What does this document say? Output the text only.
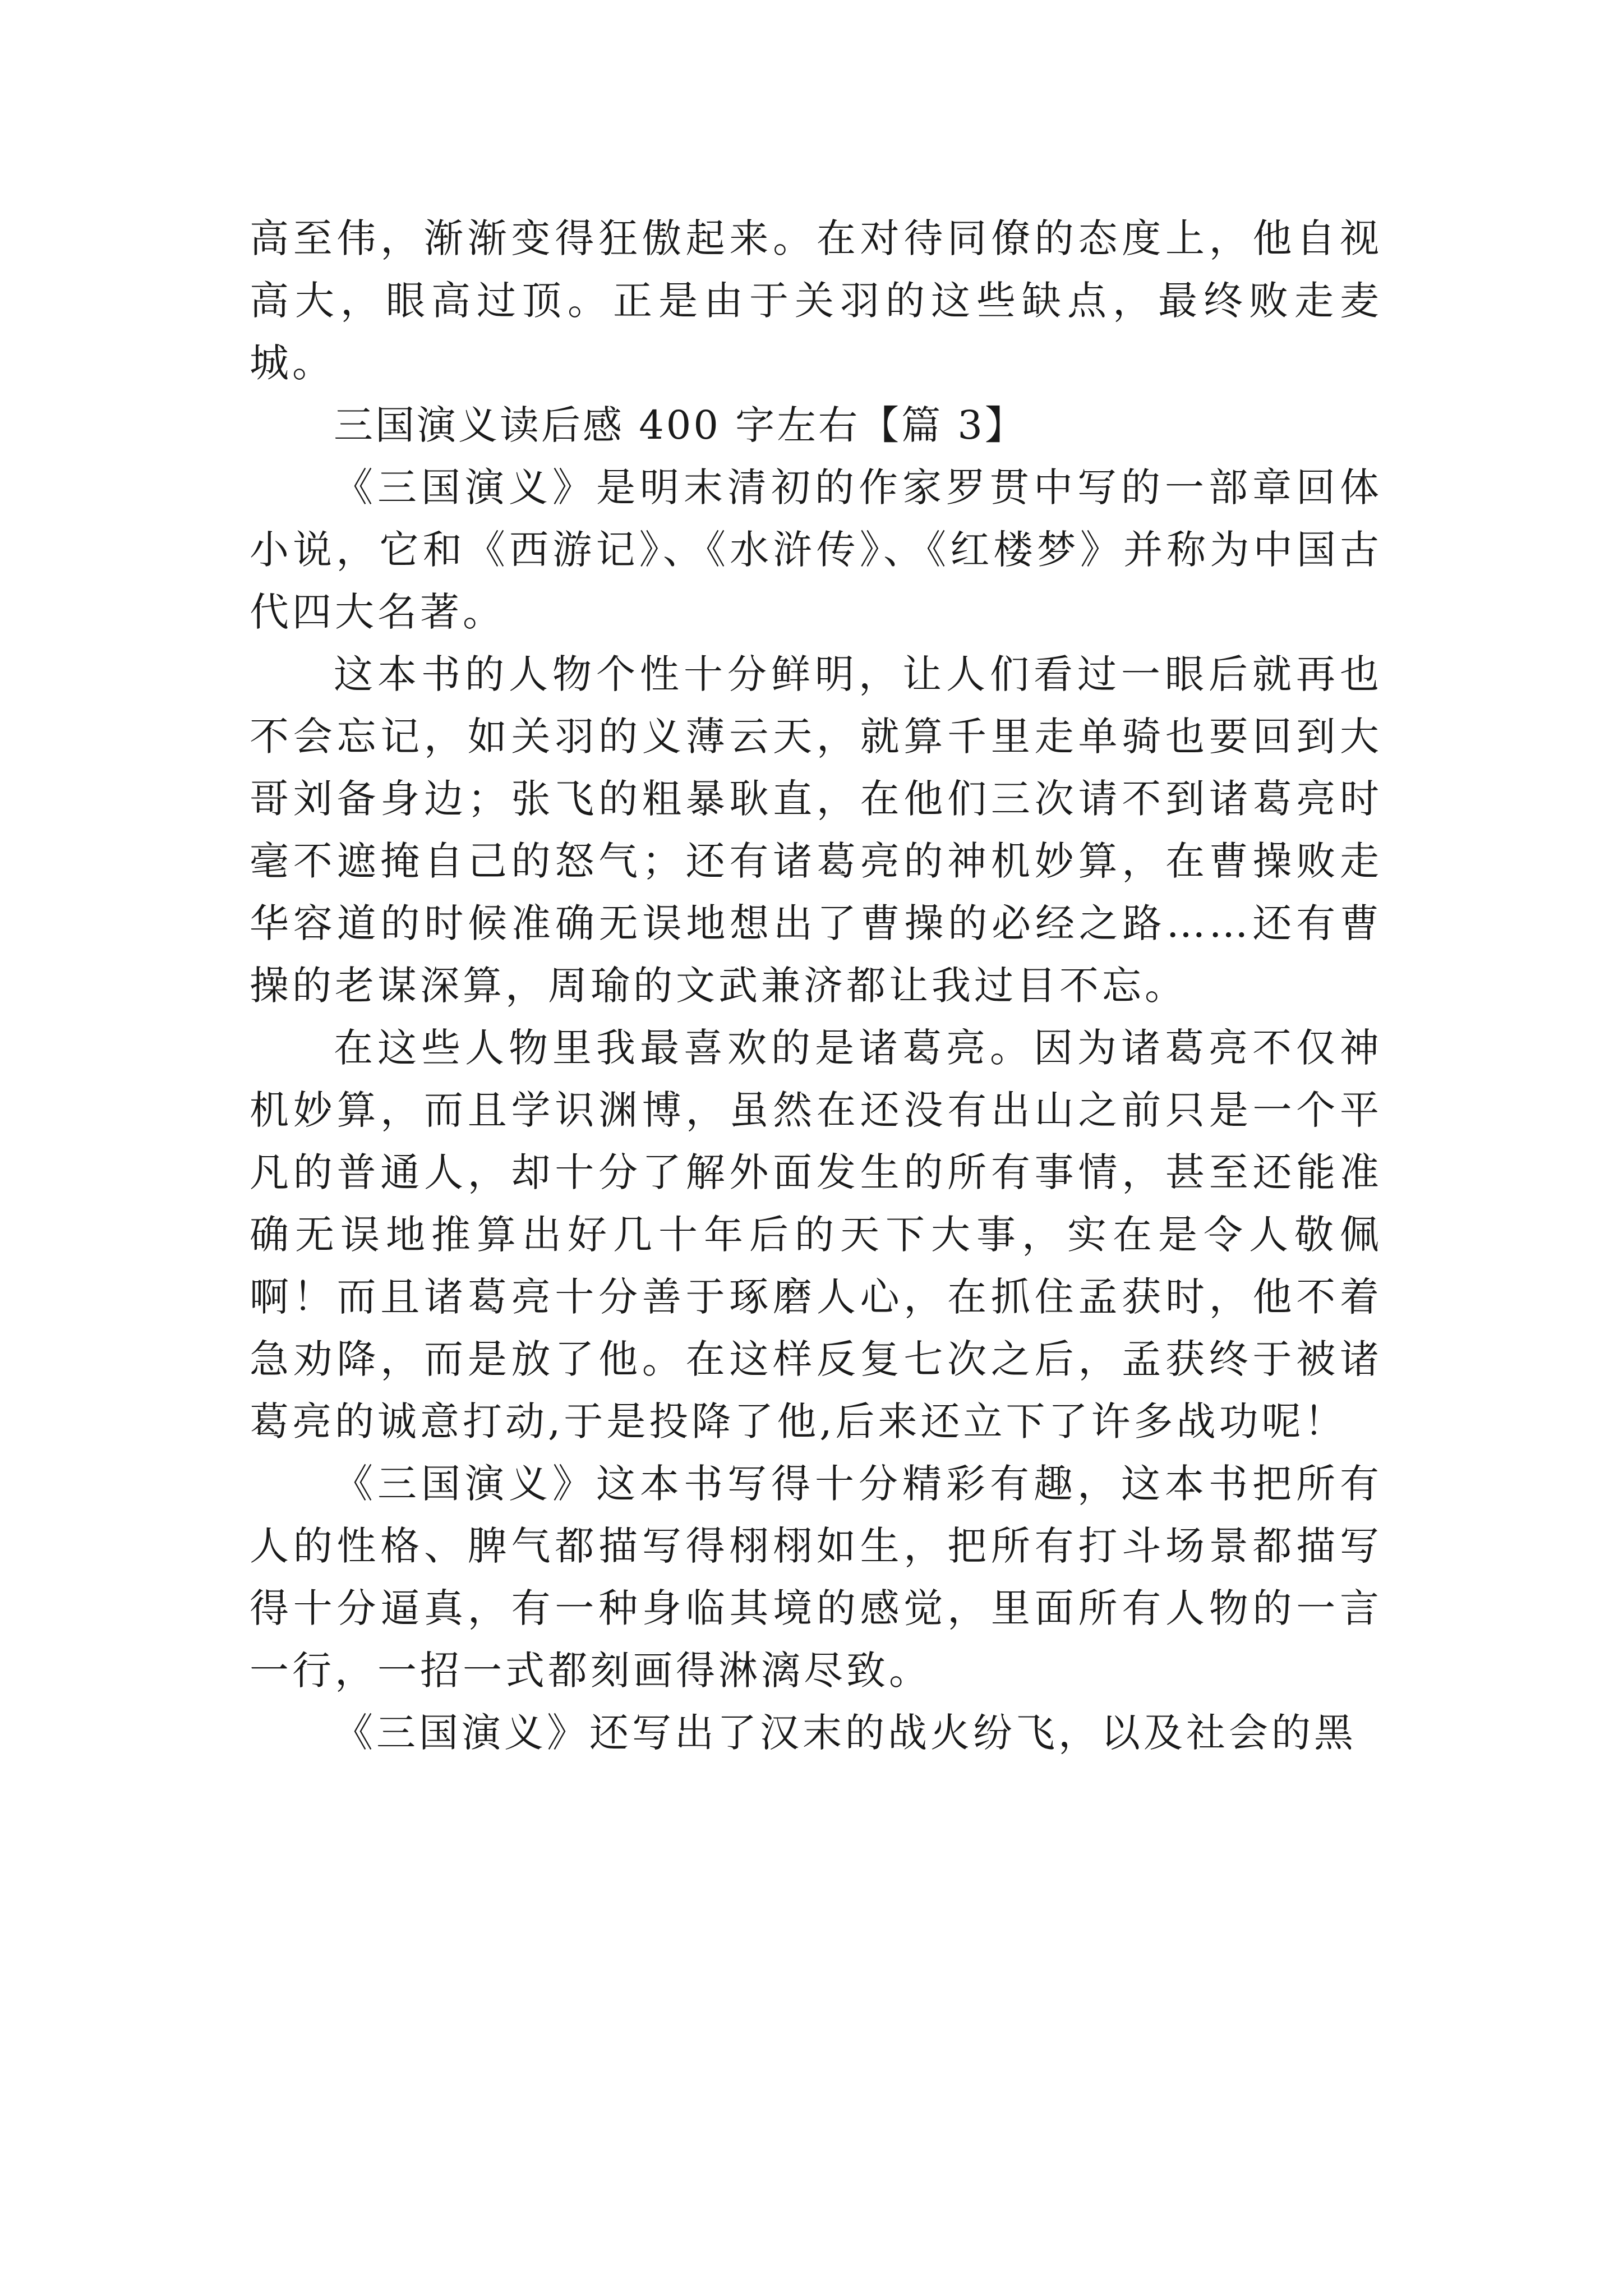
高至伟，渐渐变得狂傲起来。在对待同僚的态度上，他自视高大，眼高过顶。正是由于关羽的这些缺点，最终败走麦城。

三国演义读后感 400 字左右【篇 3】

《三国演义》是明末清初的作家罗贯中写的一部章回体小说，它和《西游记》、《水浒传》、《红楼梦》并称为中国古代四大名著。

这本书的人物个性十分鲜明，让人们看过一眼后就再也不会忘记，如关羽的义薄云天，就算千里走单骑也要回到大哥刘备身边；张飞的粗暴耿直，在他们三次请不到诸葛亮时毫不遮掩自己的怒气；还有诸葛亮的神机妙算，在曹操败走华容道的时候准确无误地想出了曹操的必经之路……还有曹操的老谋深算，周瑜的文武兼济都让我过目不忘。

在这些人物里我最喜欢的是诸葛亮。因为诸葛亮不仅神机妙算，而且学识渊博，虽然在还没有出山之前只是一个平凡的普通人，却十分了解外面发生的所有事情，甚至还能准确无误地推算出好几十年后的天下大事，实在是令人敬佩啊！而且诸葛亮十分善于琢磨人心，在抓住孟获时，他不着急劝降，而是放了他。在这样反复七次之后，孟获终于被诸葛亮的诚意打动,于是投降了他,后来还立下了许多战功呢！

《三国演义》这本书写得十分精彩有趣，这本书把所有人的性格、脾气都描写得栩栩如生，把所有打斗场景都描写得十分逼真，有一种身临其境的感觉，里面所有人物的一言一行，一招一式都刻画得淋漓尽致。

《三国演义》还写出了汉末的战火纷飞，以及社会的黑
